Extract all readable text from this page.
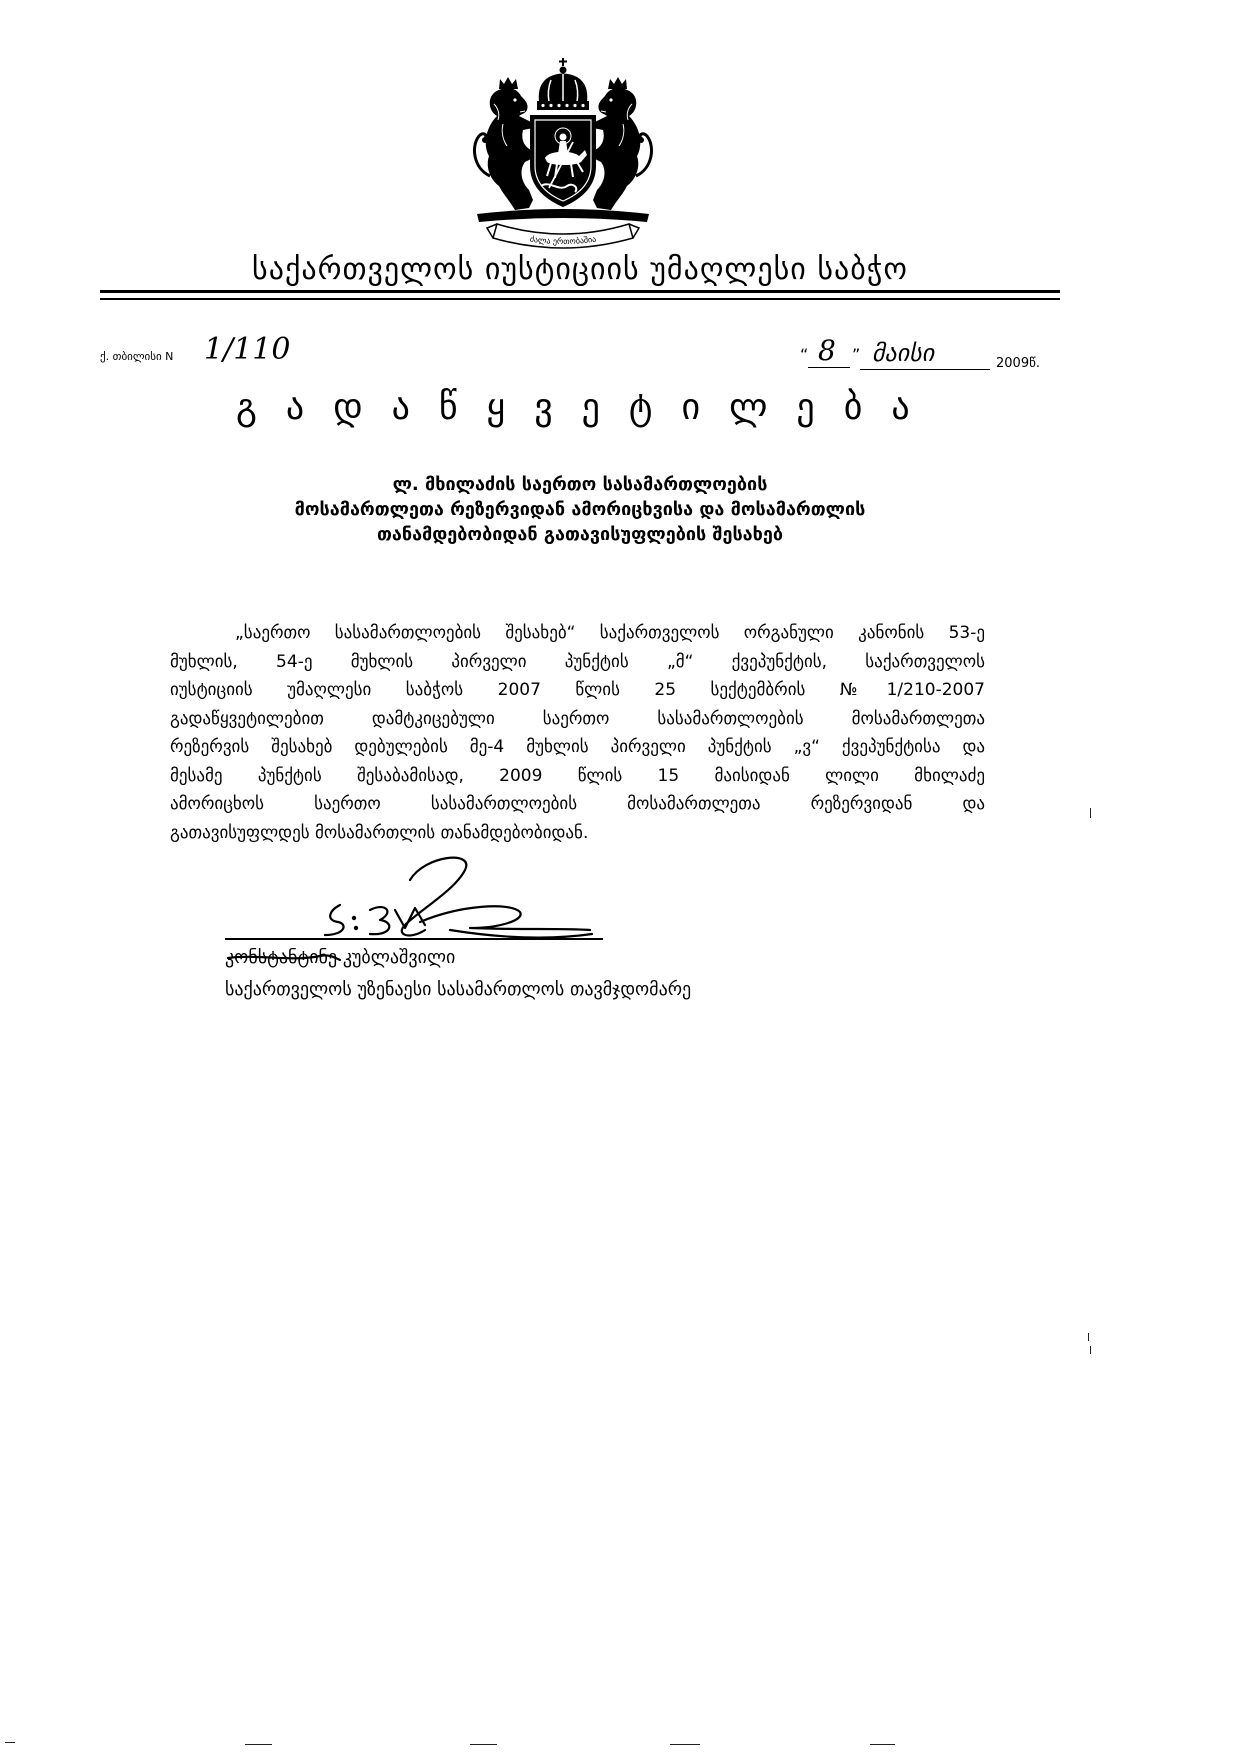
ძალა ერთობაშია
საქართველოს იუსტიციის უმაღლესი საბჭო
ქ. თბილისი N 1/110	“ 8 ” მაისი	2009წ.
გადაწყვეტილება
ლ. მხილაძის საერთო სასამართლოების
მოსამართლეთა რეზერვიდან ამორიცხვისა და მოსამართლის
თანამდებობიდან გათავისუფლების შესახებ
„საერთო სასამართლოების შესახებ“ საქართველოს ორგანული კანონის 53-ე
მუხლის, 54-ე მუხლის პირველი პუნქტის „მ“ ქვეპუნქტის, საქართველოს
იუსტიციის უმაღლესი საბჭოს 2007 წლის 25 სექტემბრის №1/210-2007
გადაწყვეტილებით დამტკიცებული საერთო სასამართლოების მოსამართლეთა
რეზერვის შესახებ დებულების მე-4 მუხლის პირველი პუნქტის „ვ“ ქვეპუნქტისა და
მესამე პუნქტის შესაბამისად, 2009 წლის 15 მაისიდან ლილი მხილაძე
ამორიცხოს საერთო სასამართლოების მოსამართლეთა რეზერვიდან და
გათავისუფლდეს მოსამართლის თანამდებობიდან.
კონსტანტინე კუბლაშვილი
საქართველოს უზენაესი სასამართლოს თავმჯდომარე
